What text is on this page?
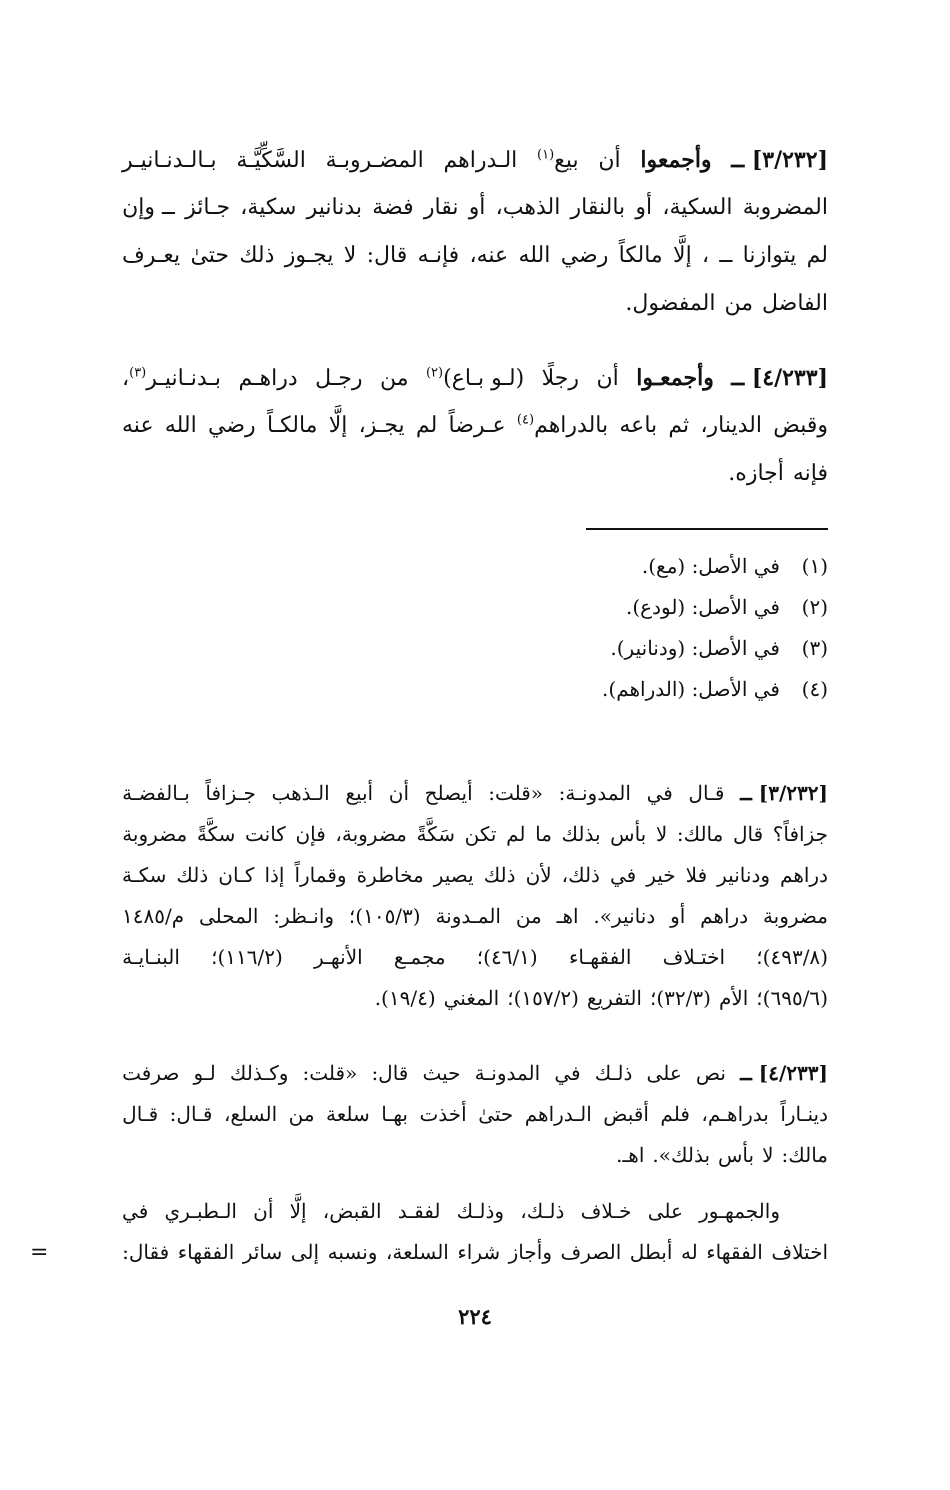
[٣/٢٣٢] ــ
وأجمعوا
أن
بيع$^{(١)}$
الـدراهم
المضـروبـة
السَّكِّيَّـة
بـالـدنـانيـر
المضروبة
السكية،
أو
بالنقار
الذهب،
أو
نقار
فضة
بدنانير
سكية،
جـائز
ــ وإن
لم
يتوازنا
ــ
،
إلَّا
مالكاً
رضي
الله
عنه،
فإنـه
قال:
لا
يجـوز
ذلك
حتىٰ
يعـرف
الفاضل
من
المفضول.
[٤/٢٣٣] ــ
وأجمعـوا
أن
رجلًا
(لـو بـاع)$^{(٢)}$
من
رجـل
دراهـم
بـدنـانيـر$^{(٣)}$،
وقبض
الدينار،
ثم
باعه
بالدراهم$^{(٤)}$
عـرضاً
لم
يجـز،
إلَّا
مالكـاً
رضي
الله
عنه
فإنه
أجازه.
(١)
في الأصل: (مع).
(٢)
في الأصل: (لودع).
(٣)
في الأصل: (ودنانير).
(٤)
في الأصل: (الدراهم).
[٣/٢٣٢] ــ
قـال
في
المدونـة:
«قلت:
أيصلح
أن
أبيع
الـذهب
جـزافاً
بـالفضـة
جزافاً؟
قال
مالك:
لا
بأس
بذلك
ما
لم
تكن
سَكَّةً
مضروبة،
فإن
كانت
سكَّةً
مضروبة
دراهم
ودنانير
فلا
خير
في
ذلك،
لأن
ذلك
يصير
مخاطرة
وقماراً
إذا
كـان
ذلك
سكـة
مضروبة
دراهم
أو
دنانير».
اهـ
من
المـدونة
(١٠٥/٣)؛
وانـظر:
المحلى
م/١٤٨٥
(٤٩٣/٨)؛
اختـلاف
الفقهـاء
(٤٦/١)؛
مجمـع
الأنهـر
(١١٦/٢)؛
البنـايـة
(٦٩٥/٦)؛
الأم
(٣٢/٣)؛
التفريع
(١٥٧/٢)؛
المغني
(١٩/٤).
[٤/٢٣٣] ــ
نص
على
ذلـك
في
المدونـة
حيث
قال:
«قلت:
وكـذلك
لـو
صرفت
دينـاراً
بدراهـم،
فلم
أقبض
الـدراهم
حتىٰ
أخذت
بهـا
سلعة
من
السلع،
قـال:
قـال
مالك:
لا
بأس
بذلك».
اهـ.
والجمهـور
على
خـلاف
ذلـك،
وذلـك
لفقـد
القبض،
إلَّا
أن
الـطبـري
في
اختلاف
الفقهاء
له
أبطل
الصرف
وأجاز
شراء
السلعة،
ونسبه
إلى
سائر
الفقهاء
فقال:
=
٢٢٤
